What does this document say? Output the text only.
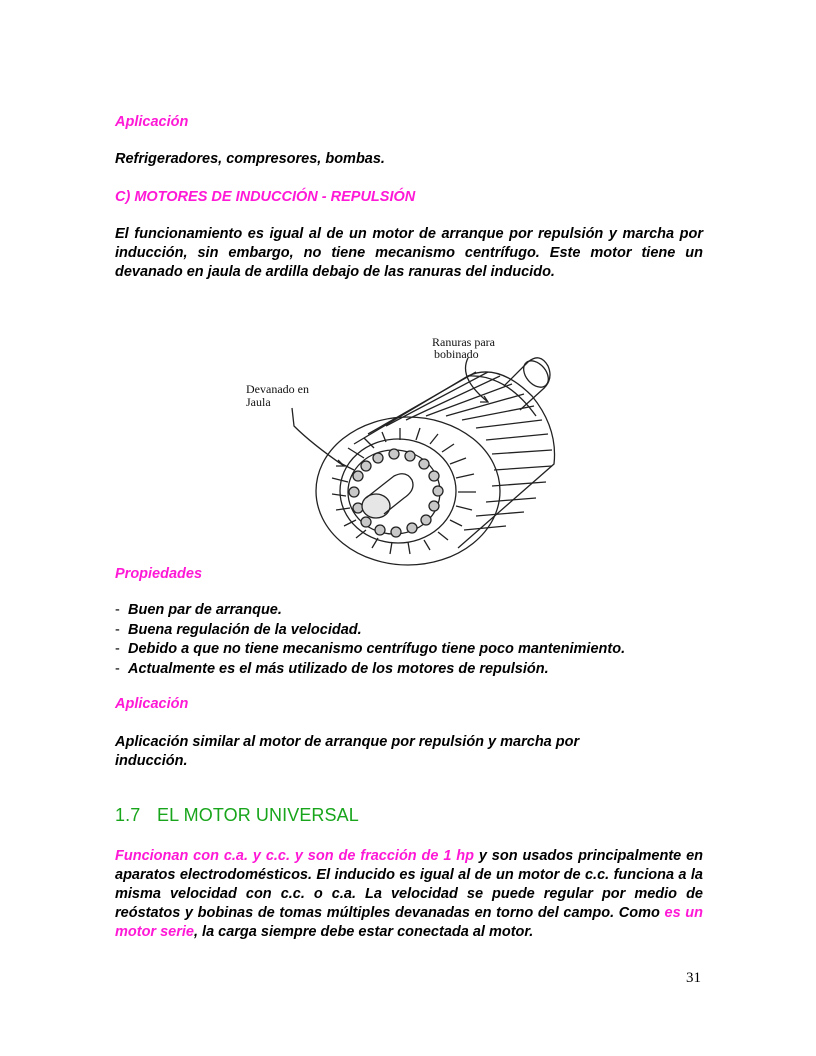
Aplicación
Refrigeradores, compresores, bombas.
C) MOTORES DE INDUCCIÓN - REPULSIÓN
El funcionamiento es igual al de un motor de arranque por repulsión y marcha por inducción, sin embargo, no tiene mecanismo centrífugo. Este motor tiene un devanado en jaula de ardilla debajo de las ranuras del inducido.
Ranuras para
bobinado
Devanado en
Jaula
Propiedades
- Buen par de arranque.
- Buena regulación de la velocidad.
- Debido a que no tiene mecanismo centrífugo tiene poco mantenimiento.
- Actualmente es el más utilizado de los motores de repulsión.
Aplicación
Aplicación similar al motor de arranque por repulsión y marcha por inducción.
1.7 EL MOTOR UNIVERSAL
Funcionan con c.a. y c.c. y son de fracción de 1 hp y son usados principalmente en aparatos electrodomésticos. El inducido es igual al de un motor de c.c. funciona a la misma velocidad con c.c. o c.a. La velocidad se puede regular por medio de reóstatos y bobinas de tomas múltiples devanadas en torno del campo. Como es un motor serie, la carga siempre debe estar conectada al motor.
31
